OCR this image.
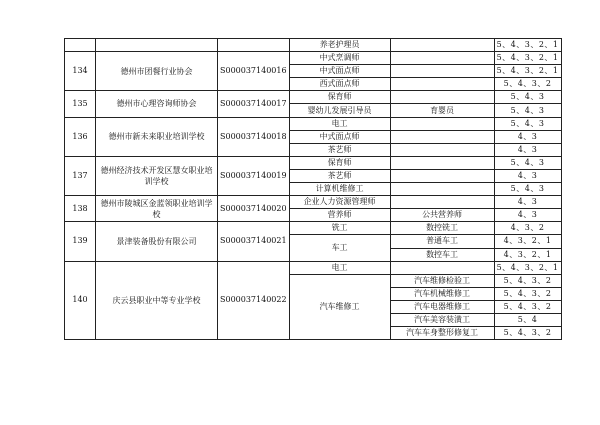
			养老护理员		5、4、3、2、1
134	德州市团餐行业协会	S000037140016	中式烹调师		5、4、3、2、1
			中式面点师		5、4、3、2、1
			西式面点师		5、4、3、2
135	德州市心理咨询师协会	S000037140017	保育师		5、4、3
			婴幼儿发展引导员	育婴员	5、4、3
136	德州市新未来职业培训学校	S000037140018	电工		5、4、3
			中式面点师		4、3
			茶艺师		4、3
137	德州经济技术开发区慧女职业培训学校	S000037140019	保育师		5、4、3
			茶艺师		4、3
			计算机维修工		5、4、3
138	德州市陵城区金蓝领职业培训学校	S000037140020	企业人力资源管理师		4、3
			营养师	公共营养师	4、3
139	景津装备股份有限公司	S000037140021	铣工	数控铣工	4、3、2
			车工	普通车工	4、3、2、1
				数控车工	4、3、2、1
140	庆云县职业中等专业学校	S000037140022	电工		5、4、3、2、1
			汽车维修工	汽车维修检验工	5、4、3、2
				汽车机械维修工	5、4、3、2
				汽车电器维修工	5、4、3、2
				汽车美容装潢工	5、4
				汽车车身整形修复工	5、4、3、2
